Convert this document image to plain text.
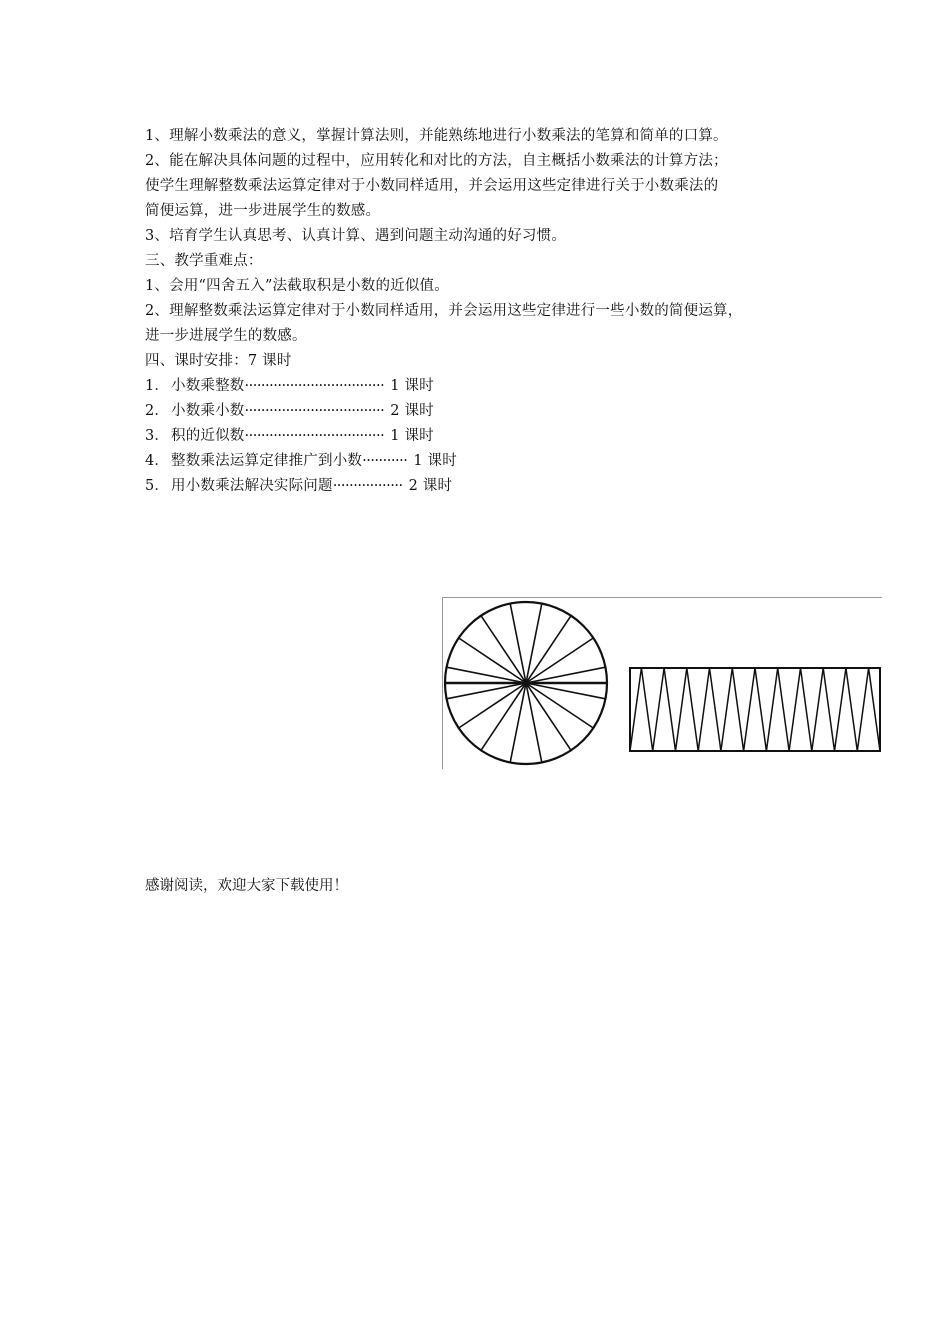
1、理解小数乘法的意义，掌握计算法则，并能熟练地进行小数乘法的笔算和简单的口算。
2、能在解决具体问题的过程中，应用转化和对比的方法，自主概括小数乘法的计算方法；
使学生理解整数乘法运算定律对于小数同样适用，并会运用这些定律进行关于小数乘法的
简便运算，进一步进展学生的数感。
3、培育学生认真思考、认真计算、遇到问题主动沟通的好习惯。
三、教学重难点：
1、会用“四舍五入”法截取积是小数的近似值。
2、理解整数乘法运算定律对于小数同样适用，并会运用这些定律进行一些小数的简便运算，
进一步进展学生的数感。
四、课时安排：7 课时
1． 小数乘整数 ·································· 1 课时
2． 小数乘小数 ·································· 2 课时
3． 积的近似数 ·································· 1 课时
4． 整数乘法运算定律推广到小数 ··········· 1 课时
5． 用小数乘法解决实际问题 ················· 2 课时
感谢阅读，欢迎大家下载使用！
